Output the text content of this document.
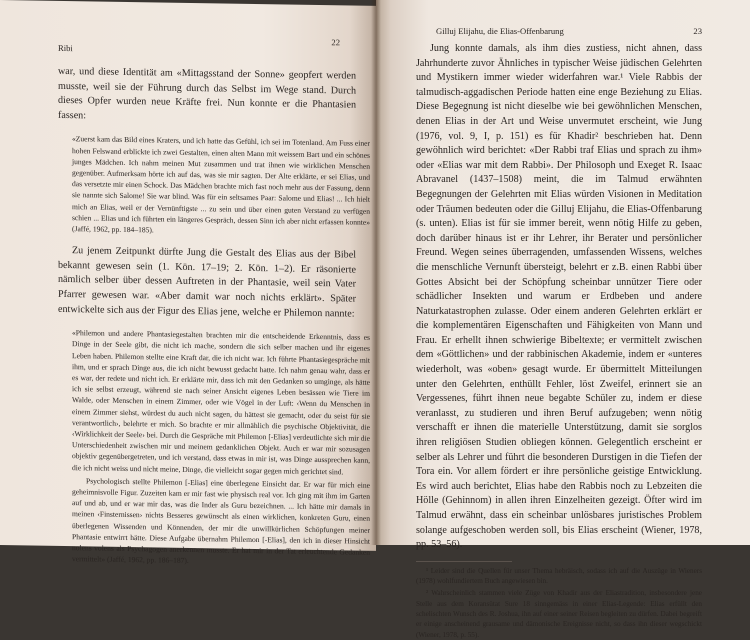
Ribi
22

war, und diese Identität am «Mittagsstand der Sonne» geopfert werden musste, weil sie der Führung durch das Selbst im Wege stand. Durch dieses Opfer wurden neue Kräfte frei. Nun konnte er die Phantasien fassen:

«Zuerst kam das Bild eines Kraters, und ich hatte das Gefühl, ich sei im Totenland. Am Fuss einer hohen Felswand erblickte ich zwei Gestalten, einen alten Mann mit weissem Bart und ein schönes junges Mädchen. Ich nahm meinen Mut zusammen und trat ihnen wie wirklichen Menschen gegenüber. Aufmerksam hörte ich auf das, was sie mir sagten. Der Alte erklärte, er sei Elias, und das versetzte mir einen Schock. Das Mädchen brachte mich fast noch mehr aus der Fassung, denn sie nannte sich Salome! Sie war blind. Was für ein seltsames Paar: Salome und Elias! ... Ich hielt mich an Elias, weil er der Vernünftigste ... zu sein und über einen guten Verstand zu verfügen schien ... Elias und ich führten ein längeres Gespräch, dessen Sinn ich aber nicht erfassen konnte» (Jaffé, 1962, pp. 184–185).

Zu jenem Zeitpunkt dürfte Jung die Gestalt des Elias aus der Bibel bekannt gewesen sein (1. Kön. 17–19; 2. Kön. 1–2). Er räsonierte nämlich selber über dessen Auftreten in der Phantasie, weil sein Vater Pfarrer gewesen war. «Aber damit war noch nichts erklärt». Später entwickelte sich aus der Figur des Elias jene, welche er Philemon nannte:

«Philemon und andere Phantasiegestalten brachten mir die entscheidende Erkenntnis, dass es Dinge in der Seele gibt, die nicht ich mache, sondern die sich selber machen und ihr eigenes Leben haben. Philemon stellte eine Kraft dar, die ich nicht war. Ich führte Phantasiegespräche mit ihm, und er sprach Dinge aus, die ich nicht bewusst gedacht hatte. Ich nahm genau wahr, dass er es war, der redete und nicht ich. Er erklärte mir, dass ich mit den Gedanken so umginge, als hätte ich sie selbst erzeugt, während sie nach seiner Ansicht eigenes Leben besässen wie Tiere im Walde, oder Menschen in einem Zimmer, oder wie Vögel in der Luft: ‹Wenn du Menschen in einem Zimmer siehst, würdest du auch nicht sagen, du hättest sie gemacht, oder du seist für sie verantwortlich›, belehrte er mich. So brachte er mir allmählich die psychische Objektivität, die ‹Wirklichkeit der Seele› bei. Durch die Gespräche mit Philemon [-Elias] verdeutlichte sich mir die Unterschiedenheit zwischen mir und meinem gedanklichen Objekt. Auch er war mir sozusagen objektiv gegenübergetreten, und ich verstand, dass etwas in mir ist, was Dinge aussprechen kann, die ich nicht weiss und nicht meine, Dinge, die vielleicht sogar gegen mich gerichtet sind.

Psychologisch stellte Philemon [-Elias] eine überlegene Einsicht dar. Er war für mich eine geheimnisvolle Figur. Zuzeiten kam er mir fast wie physisch real vor. Ich ging mit ihm im Garten auf und ab, und er war mir das, was die Inder als Guru bezeichnen. ... Ich hätte mir damals in meinen ‹Finsternissen› nichts Besseres gewünscht als einen wirklichen, konkreten Guru, einen überlegenen Wissenden und Könnenden, der mir die unwillkürlichen Schöpfungen meiner Phantasie entwirrt hätte. Diese Aufgabe übernahm Philemon [-Elias], den ich in dieser Hinsicht nolens volens als Psychagogen anerkennen musste. Er hat mir in der Tat erleuchtende Gedanken vermittelt» (Jaffé, 1962, pp. 186–187).

Gilluj Elijahu, die Elias-Offenbarung	23

Jung konnte damals, als ihm dies zustiess, nicht ahnen, dass Jahrhunderte zuvor Ähnliches in typischer Weise jüdischen Gelehrten und Mystikern immer wieder widerfahren war.¹ Viele Rabbis der talmudisch-aggadischen Periode hatten eine enge Beziehung zu Elias. Diese Begegnung ist nicht dieselbe wie bei gewöhnlichen Menschen, denen Elias in der Art und Weise unvermutet erscheint, wie Jung (1976, vol. 9, I, p. 151) es für Khadir² beschrieben hat. Denn gewöhnlich wird berichtet: «Der Rabbi traf Elias und sprach zu ihm» oder «Elias war mit dem Rabbi». Der Philosoph und Exeget R. Isaac Abravanel (1437–1508) meint, die im Talmud erwähnten Begegnungen der Gelehrten mit Elias würden Visionen in Meditation oder Träumen bedeuten oder die Gilluj Elijahu, die Elias-Offenbarung (s. unten). Elias ist für sie immer bereit, wenn nötig Hilfe zu geben, doch darüber hinaus ist er ihr Lehrer, ihr Berater und persönlicher Freund. Wegen seines überragenden, umfassenden Wissens, welches die menschliche Vernunft übersteigt, belehrt er z.B. einen Rabbi über Gottes Absicht bei der Schöpfung scheinbar unnützer Tiere oder schädlicher Insekten und warum er Erdbeben und andere Naturkatastrophen zulasse. Oder einem anderen Gelehrten erklärt er die komplementären Eigenschaften und Fähigkeiten von Mann und Frau. Er erhellt ihnen schwierige Bibeltexte; er vermittelt zwischen dem «Göttlichen» und der rabbinischen Akademie, indem er «unteres wiederholt, was «oben» gesagt wurde. Er übermittelt Mitteilungen unter den Gelehrten, enthüllt Fehler, löst Zweifel, erinnert sie an Vergessenes, führt ihnen neue begabte Schüler zu, indem er diese veranlasst, zu studieren und ihren Beruf aufzugeben; wenn nötig verschafft er ihnen die materielle Unterstützung, damit sie sorglos ihren religiösen Studien obliegen können. Gelegentlich erscheint er selber als Lehrer und führt die besonderen Durstigen in die Tiefen der Tora ein. Vor allem fördert er ihre persönliche geistige Entwicklung. Es wird auch berichtet, Elias habe den Rabbis noch zu Lebzeiten die Hölle (Gehinnom) in allen ihren Einzelheiten gezeigt. Öfter wird im Talmud erwähnt, dass ein scheinbar unlösbares juristisches Problem solange aufgeschoben werden soll, bis Elias erscheint (Wiener, 1978, pp. 53–56).

¹ Leider sind die Quellen für unser Thema hebräisch, sodass ich auf die Auszüge in Wieners (1978) wohlfundiertem Buch angewiesen bin.

² Wahrscheinlich stammen viele Züge von Khadir aus der Eliastradition, insbesondere jene Stelle aus dem Koransütat Sure 18 sinngemäss in einer Elias-Legende: Elias erfüllt den schelischten Wunsch des R. Joshua, ihn auf einer seiner Reisen begleiten zu dürfen. Dabei begreift er einige anscheinend grausame und dämonische Ereignisse nicht, so dass ihn dieser wegschickt (Wiener, 1978, p. 55).
